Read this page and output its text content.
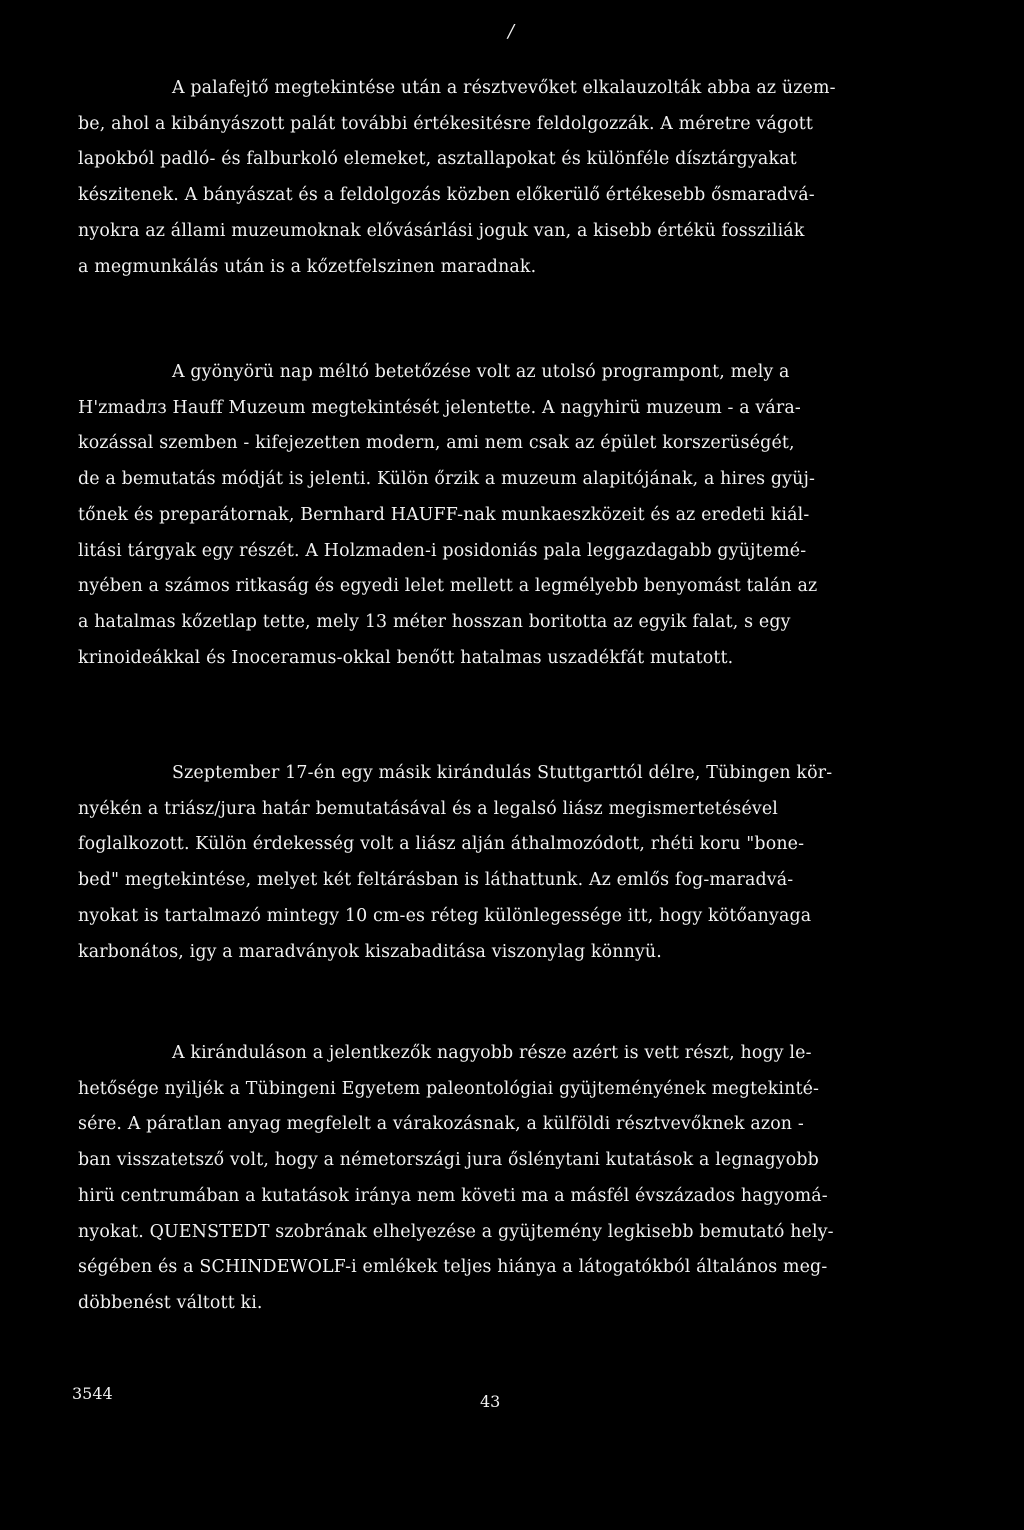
/

A palafejtő megtekintése után a résztvevőket elkalauzolták abba az üzem-
be, ahol a kibányászott palát további értékesitésre feldolgozzák. A méretre vágott
lapokból padló- és falburkoló elemeket, asztallapokat és különféle dísztárgyakat
készitenek. A bányászat és a feldolgozás közben előkerülő értékesebb ősmaradvá-
nyokra az állami muzeumoknak elővásárlási joguk van, a kisebb értékü fossziliák
a megmunkálás után is a kőzetfelszinen maradnak.

A gyönyörü nap méltó betetőzése volt az utolsó programpont, mely a
H'zmadлз Hauff Muzeum megtekintését jelentette. A nagyhirü muzeum - a vára-
kozással szemben - kifejezetten modern, ami nem csak az épület korszerüségét,
de a bemutatás módját is jelenti. Külön őrzik a muzeum alapitójának, a hires gyüj-
tőnek és preparátornak, Bernhard HAUFF-nak munkaeszközeit és az eredeti kiál-
litási tárgyak egy részét. A Holzmaden-i posidoniás pala leggazdagabb gyüjtemé-
nyében a számos ritkaság és egyedi lelet mellett a legmélyebb benyomást talán az
a hatalmas kőzetlap tette, mely 13 méter hosszan boritotta az egyik falat, s egy
krinoideákkal és Inoceramus-okkal benőtt hatalmas uszadékfát mutatott.

Szeptember 17-én egy másik kirándulás Stuttgarttól délre, Tübingen kör-
nyékén a triász/jura határ bemutatásával és a legalsó liász megismertetésével
foglalkozott. Külön érdekesség volt a liász alján áthalmozódott, rhéti koru "bone-
bed" megtekintése, melyet két feltárásban is láthattunk. Az emlős fog-maradvá-
nyokat is tartalmazó mintegy 10 cm-es réteg különlegessége itt, hogy kötőanyaga
karbonátos, igy a maradványok kiszabaditása viszonylag könnyü.

A kiránduláson a jelentkezők nagyobb része azért is vett részt, hogy le-
hetősége nyiljék a Tübingeni Egyetem paleontológiai gyüjteményének megtekinté-
sére. A páratlan anyag megfelelt a várakozásnak, a külföldi résztvevőknek azon -
ban visszatetsző volt, hogy a németországi jura őslénytani kutatások a legnagyobb
hirü centrumában a kutatások iránya nem követi ma a másfél évszázados hagyomá-
nyokat. QUENSTEDT szobrának elhelyezése a gyüjtemény legkisebb bemutató hely-
ségében és a SCHINDEWOLF-i emlékek teljes hiánya a látogatókból általános meg-
döbbenést váltott ki.

3544	43
